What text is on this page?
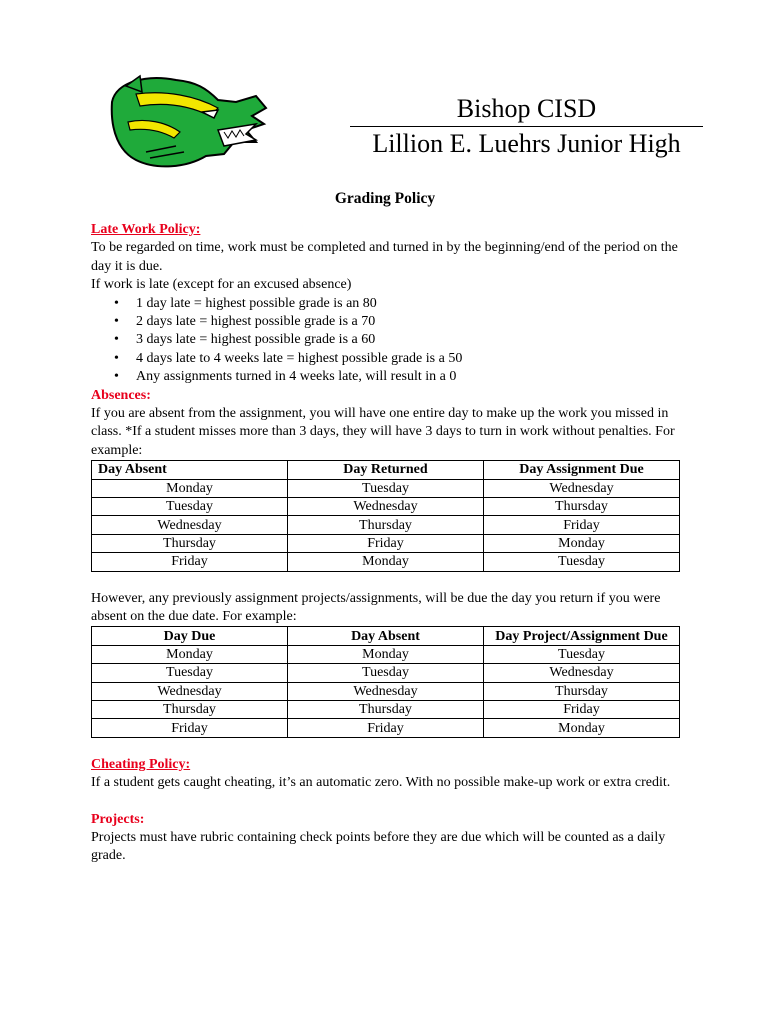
Bishop CISD
Lillion E. Luehrs Junior High
Grading Policy
Late Work Policy:
To be regarded on time, work must be completed and turned in by the beginning/end of the period on the day it is due.
If work is late (except for an excused absence)
• 1 day late = highest possible grade is an 80
• 2 days late = highest possible grade is a 70
• 3 days late = highest possible grade is a 60
• 4 days late to 4 weeks late = highest possible grade is a 50
• Any assignments turned in 4 weeks late, will result in a 0
Absences:
If you are absent from the assignment, you will have one entire day to make up the work you missed in class. *If a student misses more than 3 days, they will have 3 days to turn in work without penalties. For example:
Day Absent	Day Returned	Day Assignment Due
Monday	Tuesday	Wednesday
Tuesday	Wednesday	Thursday
Wednesday	Thursday	Friday
Thursday	Friday	Monday
Friday	Monday	Tuesday
However, any previously assignment projects/assignments, will be due the day you return if you were absent on the due date. For example:
Day Due	Day Absent	Day Project/Assignment Due
Monday	Monday	Tuesday
Tuesday	Tuesday	Wednesday
Wednesday	Wednesday	Thursday
Thursday	Thursday	Friday
Friday	Friday	Monday
Cheating Policy:
If a student gets caught cheating, it’s an automatic zero. With no possible make-up work or extra credit.
Projects:
Projects must have rubric containing check points before they are due which will be counted as a daily grade.
